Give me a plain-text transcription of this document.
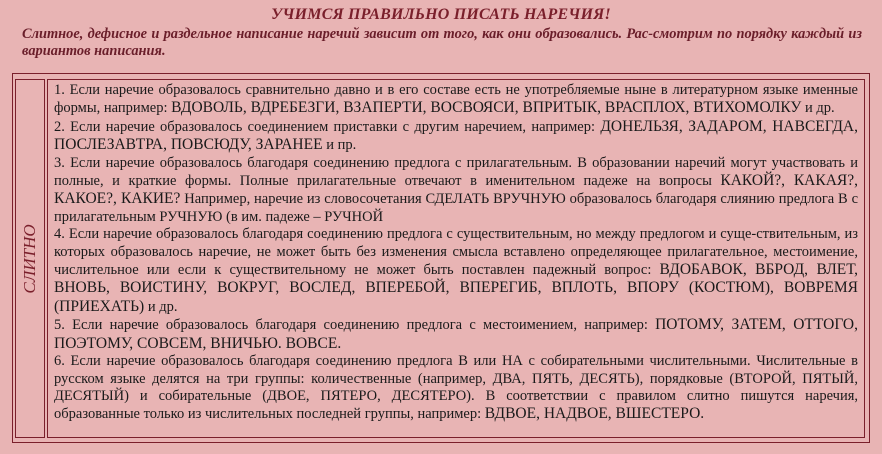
УЧИМСЯ ПРАВИЛЬНО ПИСАТЬ НАРЕЧИЯ!
Слитное, дефисное и раздельное написание наречий зависит от того, как они образовались. Рас-смотрим по порядку каждый из вариантов написания.
СЛИТНО

1. Если наречие образовалось сравнительно давно и в его составе есть не употребляемые ныне в литературном языке именные формы, например: ВДОВОЛЬ, ВДРЕБЕЗГИ, ВЗАПЕРТИ, ВОСВОЯСИ, ВПРИТЫК, ВРАСПЛОХ, ВТИХОМОЛКУ и др.

2. Если наречие образовалось соединением приставки с другим наречием, например: ДОНЕЛЬЗЯ, ЗАДАРОМ, НАВСЕГДА, ПОСЛЕЗАВТРА, ПОВСЮДУ, ЗАРАНЕЕ и пр.

3. Если наречие образовалось благодаря соединению предлога с прилагательным. В образовании наречий могут участвовать и полные, и краткие формы. Полные прилагательные отвечают в именительном падеже на вопросы КАКОЙ?, КАКАЯ?, КАКОЕ?, КАКИЕ? Например, наречие из словосочетания СДЕЛАТЬ ВРУЧНУЮ образовалось благодаря слиянию предлога В с прилагательным РУЧНУЮ (в им. падеже – РУЧНОЙ

4. Если наречие образовалось благодаря соединению предлога с существительным, но между предлогом и суще-ствительным, из которых образовалось наречие, не может быть без изменения смысла вставлено определяющее прилагательное, местоимение, числительное или если к существительному не может быть поставлен падежный вопрос: ВДОБАВОК, ВБРОД, ВЛЕТ, ВНОВЬ, ВОИСТИНУ, ВОКРУГ, ВОСЛЕД, ВПЕРЕБОЙ, ВПЕРЕГИБ, ВПЛОТЬ, ВПОРУ (КОСТЮМ), ВОВРЕМЯ (ПРИЕХАТЬ) и др.

5. Если наречие образовалось благодаря соединению предлога с местоимением, например: ПОТОМУ, ЗАТЕМ, ОТТОГО, ПОЭТОМУ, СОВСЕМ, ВНИЧЬЮ. ВОВСЕ.

6. Если наречие образовалось благодаря соединению предлога В или НА с собирательными числительными. Числительные в русском языке делятся на три группы: количественные (например, ДВА, ПЯТЬ, ДЕСЯТЬ), порядковые (ВТОРОЙ, ПЯТЫЙ, ДЕСЯТЫЙ) и собирательные (ДВОЕ, ПЯТЕРО, ДЕСЯТЕРО). В соответствии с правилом слитно пишутся наречия, образованные только из числительных последней группы, например: ВДВОЕ, НАДВОЕ, ВШЕСТЕРО.
